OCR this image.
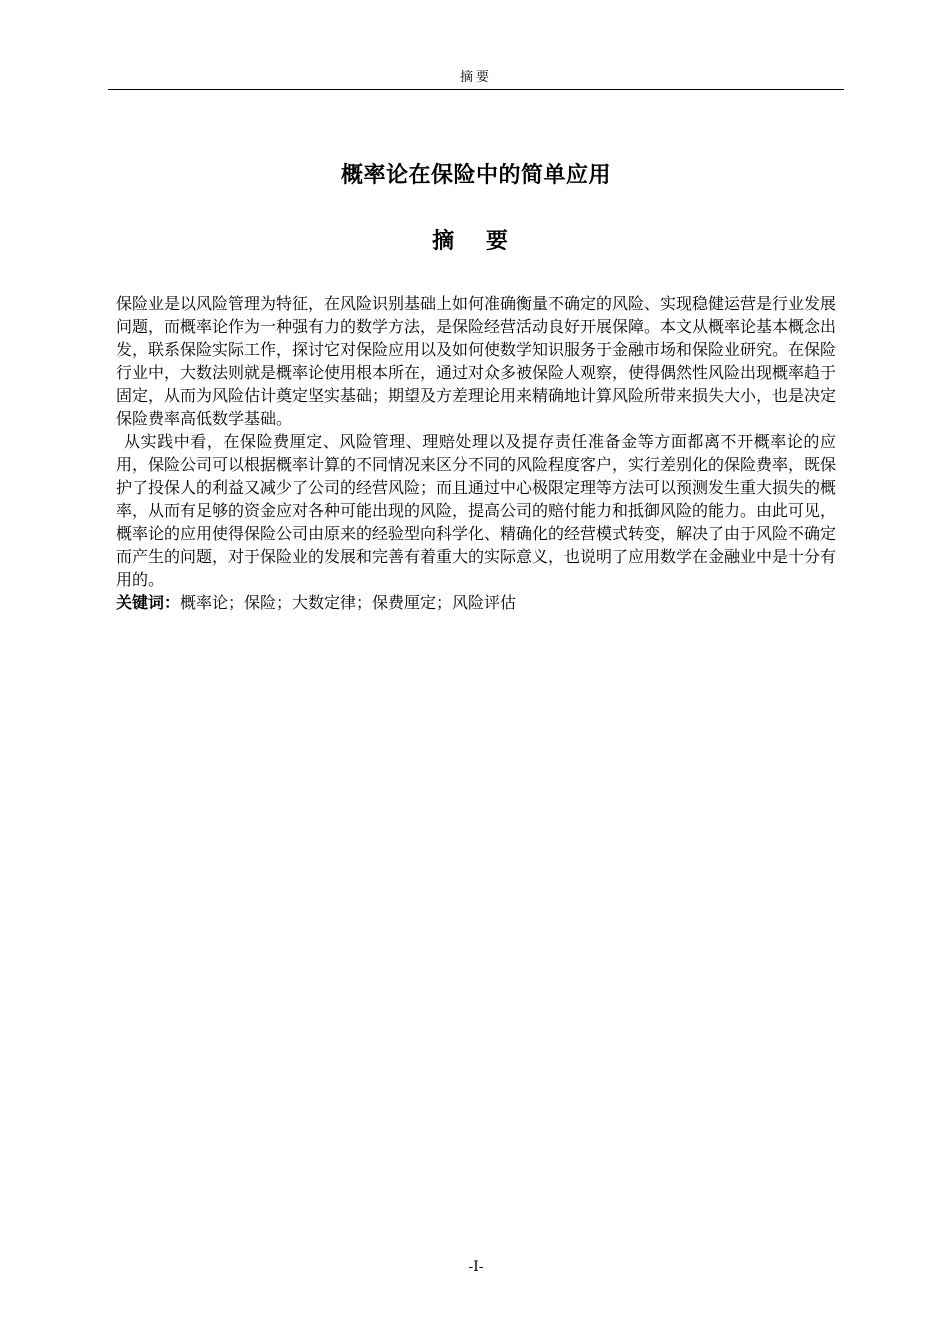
摘要
概率论在保险中的简单应用
摘 要

保险业是以风险管理为特征，在风险识别基础上如何准确衡量不确定的风险、实现稳健运营是行业发展问题，而概率论作为一种强有力的数学方法，是保险经营活动良好开展保障。本文从概率论基本概念出发，联系保险实际工作，探讨它对保险应用以及如何使数学知识服务于金融市场和保险业研究。在保险行业中，大数法则就是概率论使用根本所在，通过对众多被保险人观察，使得偶然性风险出现概率趋于固定，从而为风险估计奠定坚实基础；期望及方差理论用来精确地计算风险所带来损失大小，也是决定保险费率高低数学基础。

从实践中看，在保险费厘定、风险管理、理赔处理以及提存责任准备金等方面都离不开概率论的应用，保险公司可以根据概率计算的不同情况来区分不同的风险程度客户，实行差别化的保险费率，既保护了投保人的利益又减少了公司的经营风险；而且通过中心极限定理等方法可以预测发生重大损失的概率，从而有足够的资金应对各种可能出现的风险，提高公司的赔付能力和抵御风险的能力。由此可见，概率论的应用使得保险公司由原来的经验型向科学化、精确化的经营模式转变，解决了由于风险不确定而产生的问题，对于保险业的发展和完善有着重大的实际意义，也说明了应用数学在金融业中是十分有用的。

关键词：概率论；保险；大数定律；保费厘定；风险评估

-I-
